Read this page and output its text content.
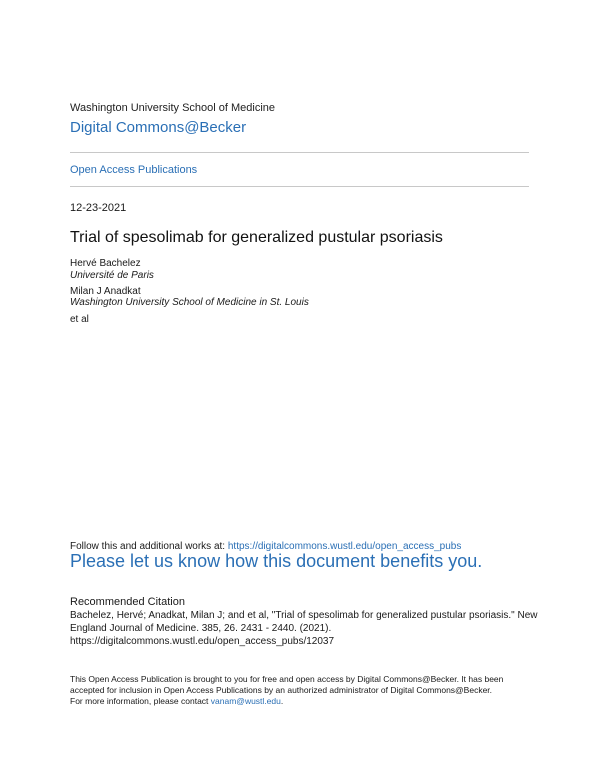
Washington University School of Medicine
Digital Commons@Becker
Open Access Publications
12-23-2021
Trial of spesolimab for generalized pustular psoriasis
Hervé Bachelez
Université de Paris
Milan J Anadkat
Washington University School of Medicine in St. Louis
et al
Follow this and additional works at: https://digitalcommons.wustl.edu/open_access_pubs
Please let us know how this document benefits you.
Recommended Citation
Bachelez, Hervé; Anadkat, Milan J; and et al, "Trial of spesolimab for generalized pustular psoriasis." New
England Journal of Medicine. 385, 26. 2431 - 2440. (2021).
https://digitalcommons.wustl.edu/open_access_pubs/12037
This Open Access Publication is brought to you for free and open access by Digital Commons@Becker. It has been
accepted for inclusion in Open Access Publications by an authorized administrator of Digital Commons@Becker.
For more information, please contact vanam@wustl.edu.
